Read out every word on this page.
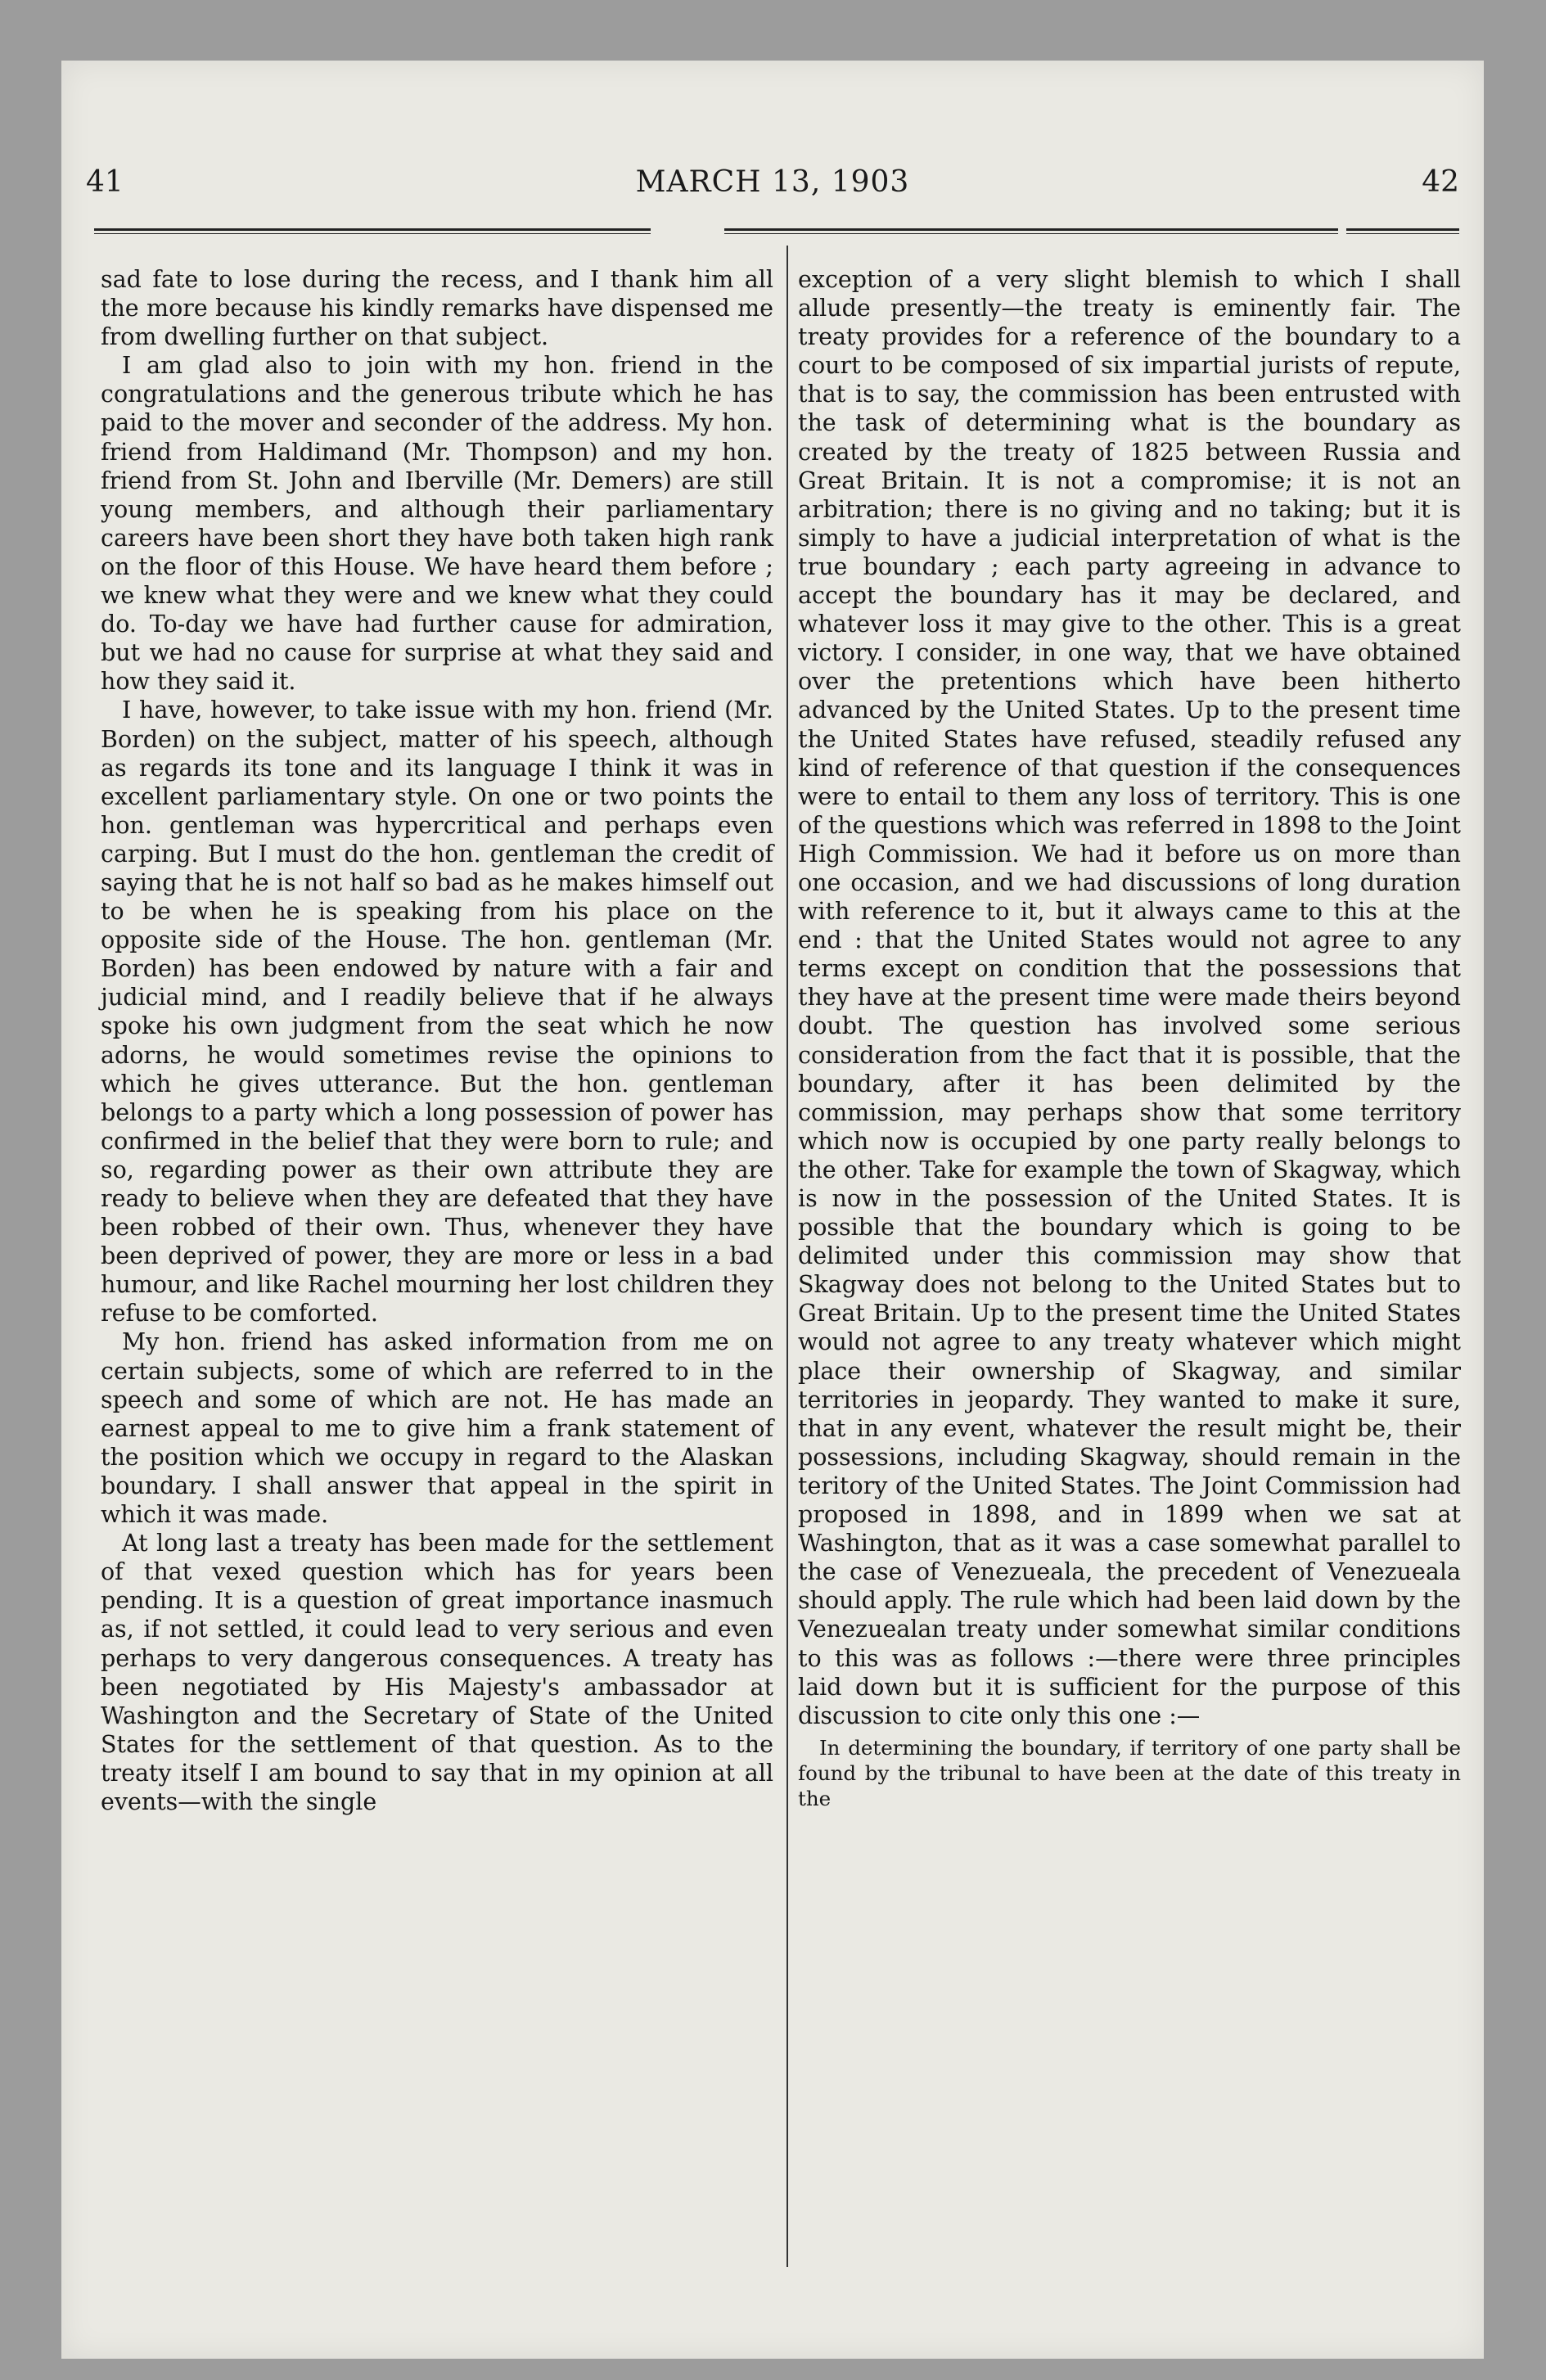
41	MARCH 13, 1903	42

sad fate to lose during the recess, and I thank him all the more because his kindly remarks have dispensed me from dwelling further on that subject.

I am glad also to join with my hon. friend in the congratulations and the generous tribute which he has paid to the mover and seconder of the address. My hon. friend from Haldimand (Mr. Thompson) and my hon. friend from St. John and Iberville (Mr. Demers) are still young members, and although their parliamentary careers have been short they have both taken high rank on the floor of this House. We have heard them before ; we knew what they were and we knew what they could do. To-day we have had further cause for admiration, but we had no cause for surprise at what they said and how they said it.

I have, however, to take issue with my hon. friend (Mr. Borden) on the subject, matter of his speech, although as regards its tone and its language I think it was in excellent parliamentary style. On one or two points the hon. gentleman was hypercritical and perhaps even carping. But I must do the hon. gentleman the credit of saying that he is not half so bad as he makes himself out to be when he is speaking from his place on the opposite side of the House. The hon. gentleman (Mr. Borden) has been endowed by nature with a fair and judicial mind, and I readily believe that if he always spoke his own judgment from the seat which he now adorns, he would sometimes revise the opinions to which he gives utterance. But the hon. gentleman belongs to a party which a long possession of power has confirmed in the belief that they were born to rule; and so, regarding power as their own attribute they are ready to believe when they are defeated that they have been robbed of their own. Thus, whenever they have been deprived of power, they are more or less in a bad humour, and like Rachel mourning her lost children they refuse to be comforted.

My hon. friend has asked information from me on certain subjects, some of which are referred to in the speech and some of which are not. He has made an earnest appeal to me to give him a frank statement of the position which we occupy in regard to the Alaskan boundary. I shall answer that appeal in the spirit in which it was made.

At long last a treaty has been made for the settlement of that vexed question which has for years been pending. It is a question of great importance inasmuch as, if not settled, it could lead to very serious and even perhaps to very dangerous consequences. A treaty has been negotiated by His Majesty's ambassador at Washington and the Secretary of State of the United States for the settlement of that question. As to the treaty itself I am bound to say that in my opinion at all events—with the single

exception of a very slight blemish to which I shall allude presently—the treaty is eminently fair. The treaty provides for a reference of the boundary to a court to be composed of six impartial jurists of repute, that is to say, the commission has been entrusted with the task of determining what is the boundary as created by the treaty of 1825 between Russia and Great Britain. It is not a compromise; it is not an arbitration; there is no giving and no taking; but it is simply to have a judicial interpretation of what is the true boundary ; each party agreeing in advance to accept the boundary has it may be declared, and whatever loss it may give to the other. This is a great victory. I consider, in one way, that we have obtained over the pretentions which have been hitherto advanced by the United States. Up to the present time the United States have refused, steadily refused any kind of reference of that question if the consequences were to entail to them any loss of territory. This is one of the questions which was referred in 1898 to the Joint High Commission. We had it before us on more than one occasion, and we had discussions of long duration with reference to it, but it always came to this at the end : that the United States would not agree to any terms except on condition that the possessions that they have at the present time were made theirs beyond doubt. The question has involved some serious consideration from the fact that it is possible, that the boundary, after it has been delimited by the commission, may perhaps show that some territory which now is occupied by one party really belongs to the other. Take for example the town of Skagway, which is now in the possession of the United States. It is possible that the boundary which is going to be delimited under this commission may show that Skagway does not belong to the United States but to Great Britain. Up to the present time the United States would not agree to any treaty whatever which might place their ownership of Skagway, and similar territories in jeopardy. They wanted to make it sure, that in any event, whatever the result might be, their possessions, including Skagway, should remain in the teritory of the United States. The Joint Commission had proposed in 1898, and in 1899 when we sat at Washington, that as it was a case somewhat parallel to the case of Venezueala, the precedent of Venezueala should apply. The rule which had been laid down by the Venezuealan treaty under somewhat similar conditions to this was as follows :—there were three principles laid down but it is sufficient for the purpose of this discussion to cite only this one :—

In determining the boundary, if territory of one party shall be found by the tribunal to have been at the date of this treaty in the
